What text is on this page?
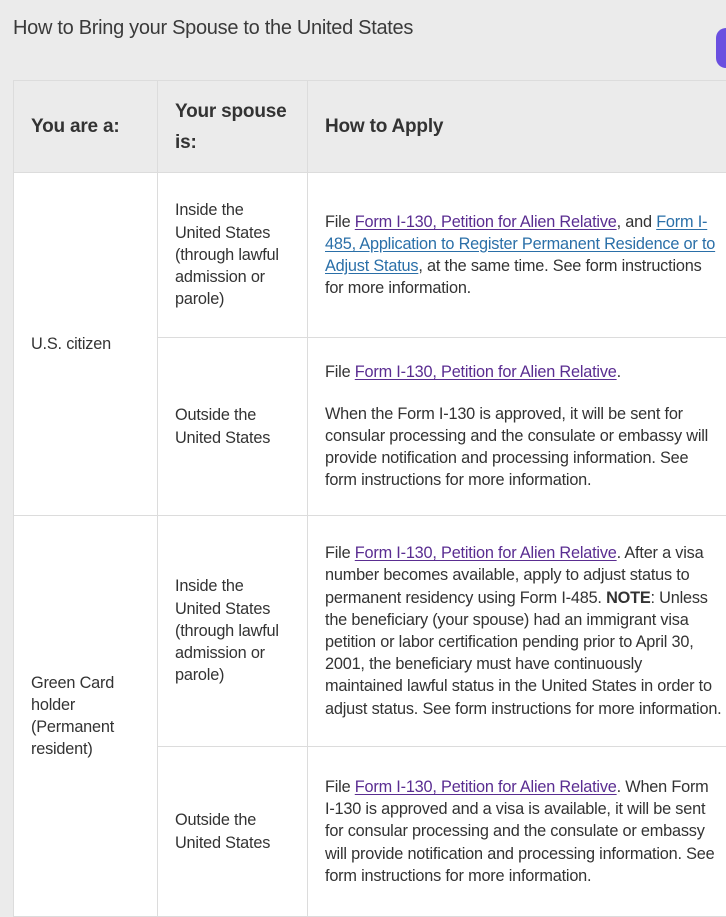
How to Bring your Spouse to the United States
You are a:	Your spouse is:	How to Apply
U.S. citizen	Inside the United States (through lawful admission or parole)	File Form I-130, Petition for Alien Relative, and Form I-485, Application to Register Permanent Residence or to Adjust Status, at the same time. See form instructions for more information.

	Outside the United States	File Form I-130, Petition for Alien Relative.

When the Form I-130 is approved, it will be sent for consular processing and the consulate or embassy will provide notification and processing information. See form instructions for more information.

Green Card holder (Permanent resident)	Inside the United States (through lawful admission or parole)	File Form I-130, Petition for Alien Relative. After a visa number becomes available, apply to adjust status to permanent residency using Form I-485. NOTE: Unless the beneficiary (your spouse) had an immigrant visa petition or labor certification pending prior to April 30, 2001, the beneficiary must have continuously maintained lawful status in the United States in order to adjust status. See form instructions for more information.

	Outside the United States	File Form I-130, Petition for Alien Relative. When Form I-130 is approved and a visa is available, it will be sent for consular processing and the consulate or embassy will provide notification and processing information. See form instructions for more information.
